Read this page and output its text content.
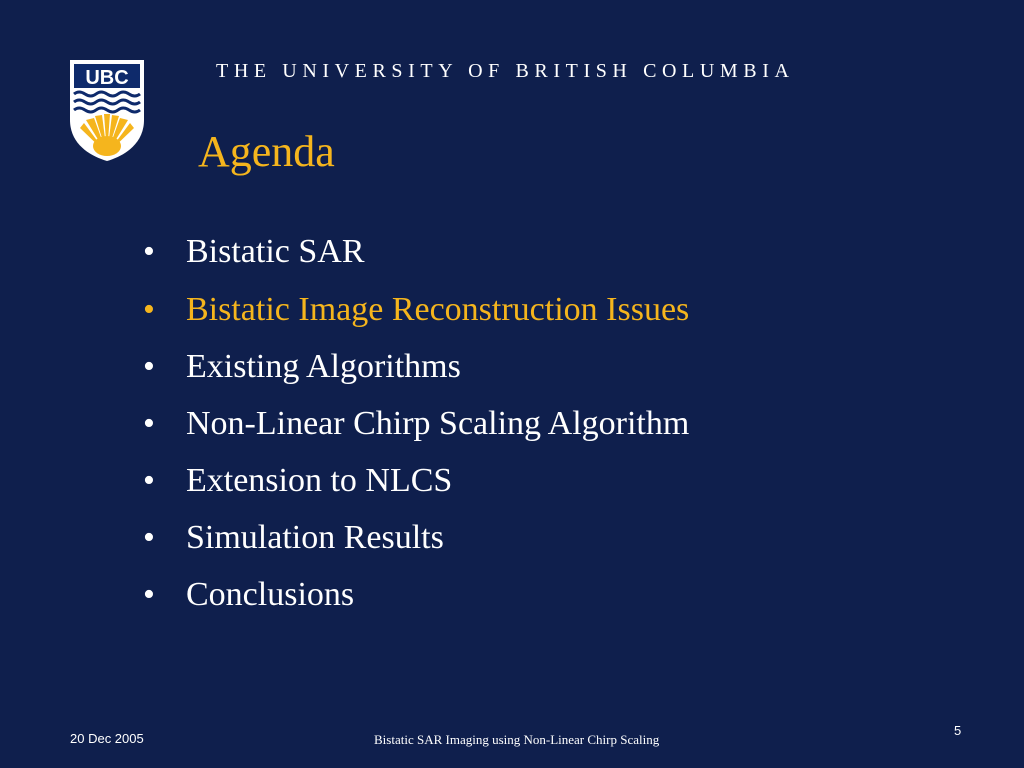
UBC	THE UNIVERSITY OF BRITISH COLUMBIA
Agenda
• Bistatic SAR
• Bistatic Image Reconstruction Issues
• Existing Algorithms
• Non-Linear Chirp Scaling Algorithm
• Extension to NLCS
• Simulation Results
• Conclusions
20 Dec 2005	Bistatic SAR Imaging using Non-Linear Chirp Scaling
5
